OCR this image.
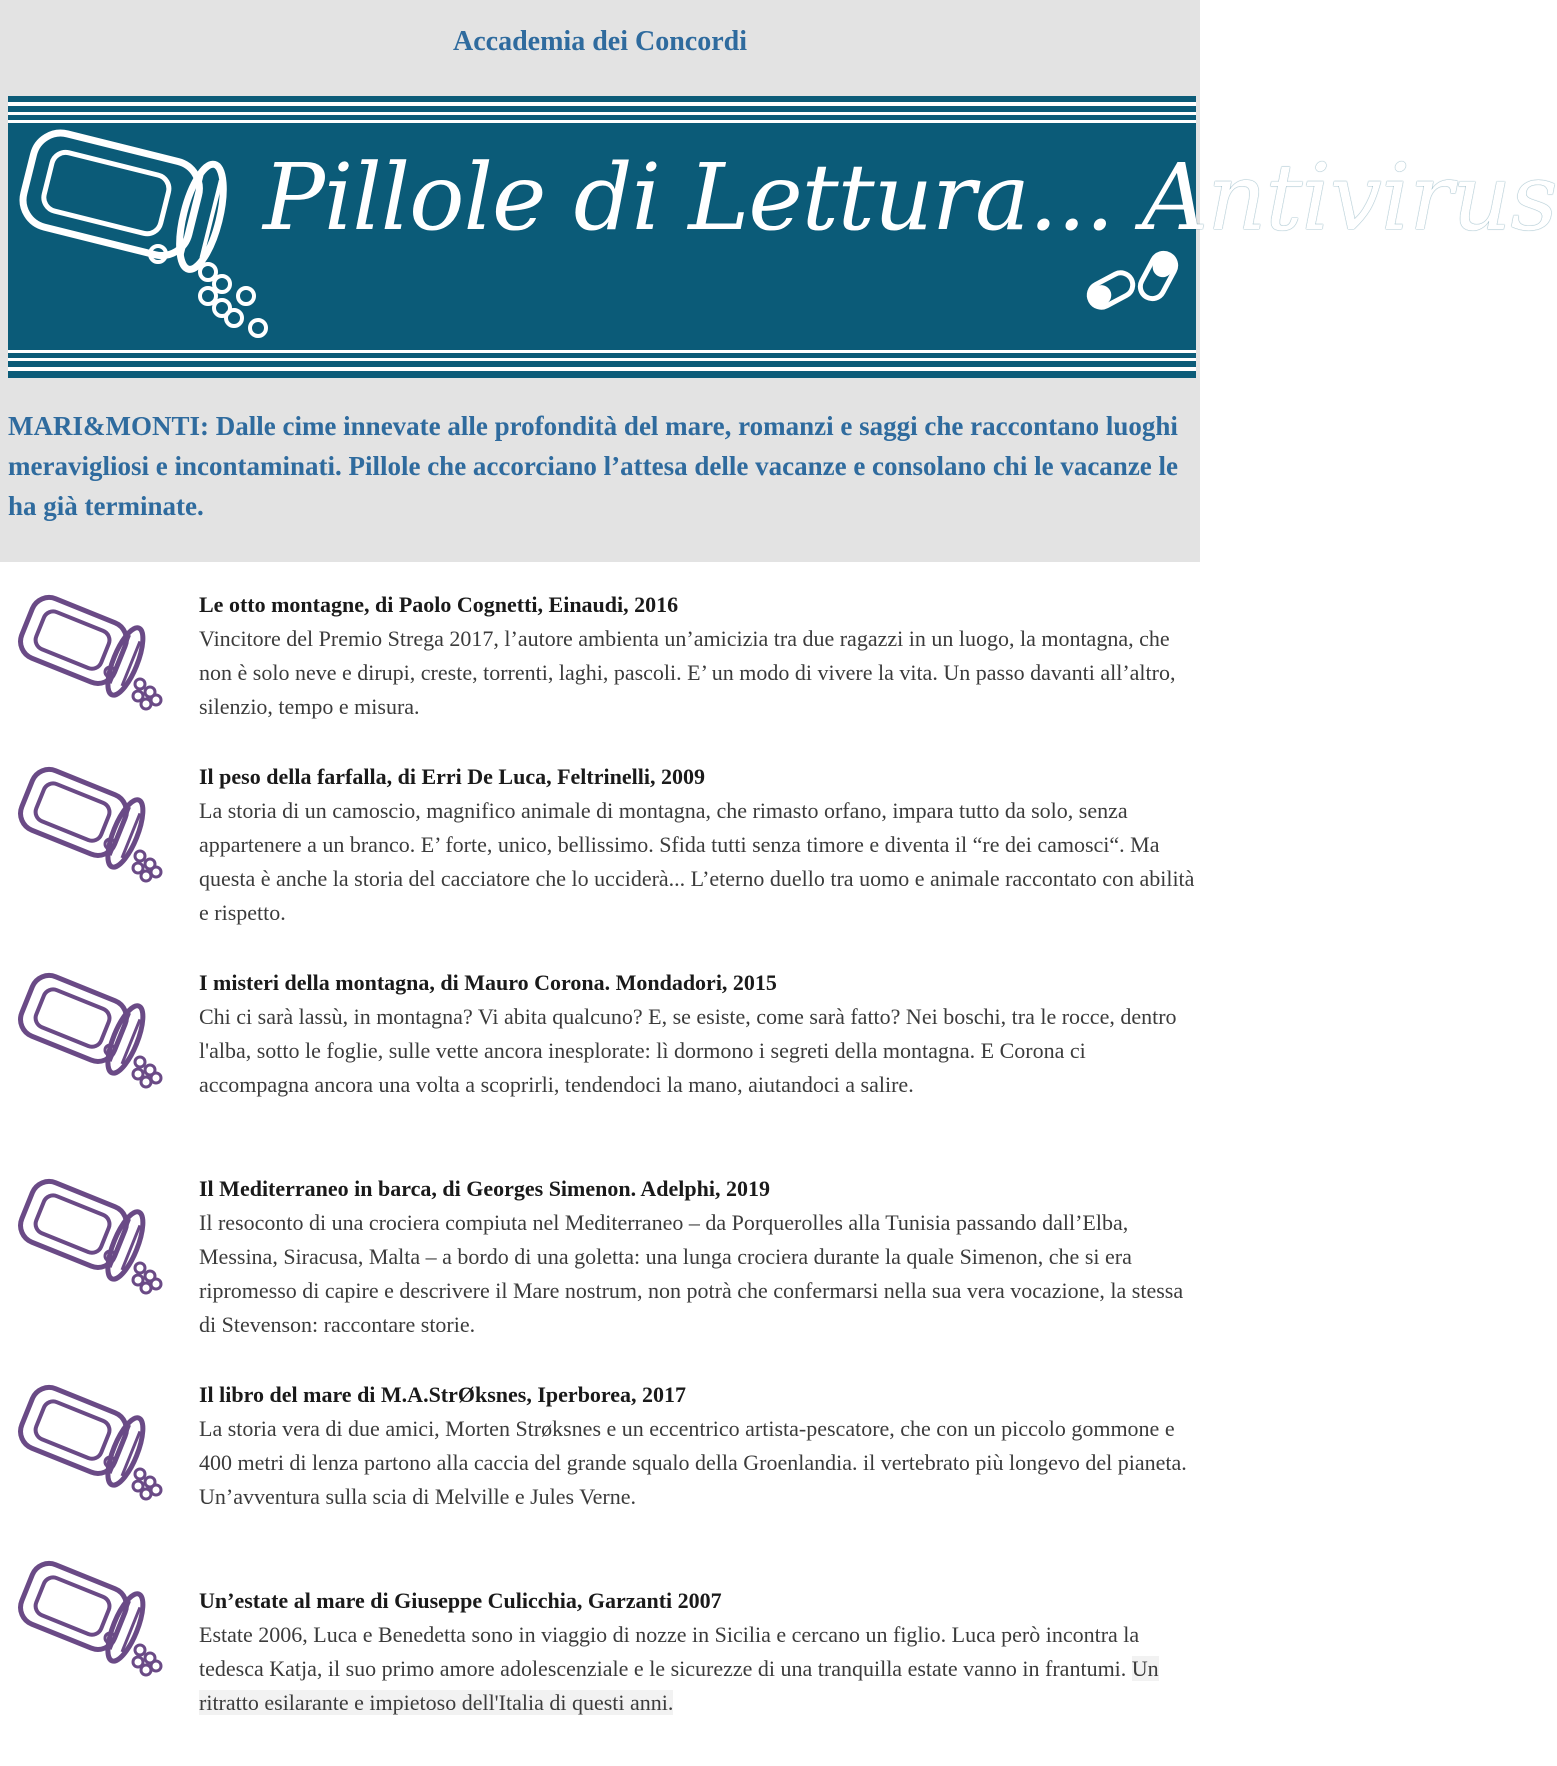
Accademia dei Concordi
Pillole di Lettura... Antivirus
MARI&MONTI: Dalle cime innevate alle profondità del mare, romanzi e saggi che raccontano luoghi meravigliosi e incontaminati. Pillole che accorciano l’attesa delle vacanze e consolano chi le vacanze le ha già terminate.
Le otto montagne, di Paolo Cognetti, Einaudi, 2016
Vincitore del Premio Strega 2017, l’autore ambienta un’amicizia tra due ragazzi in un luogo, la montagna, che non è solo neve e dirupi, creste, torrenti, laghi, pascoli. E’ un modo di vivere la vita. Un passo davanti all’altro, silenzio, tempo e misura.
Il peso della farfalla, di Erri De Luca, Feltrinelli, 2009
La storia di un camoscio, magnifico animale di montagna, che rimasto orfano, impara tutto da solo, senza appartenere a un branco. E’ forte, unico, bellissimo. Sfida tutti senza timore e diventa il “re dei camosci“. Ma questa è anche la storia del cacciatore che lo ucciderà... L’eterno duello tra uomo e animale raccontato con abilità e rispetto.
I misteri della montagna, di Mauro Corona. Mondadori, 2015
Chi ci sarà lassù, in montagna? Vi abita qualcuno? E, se esiste, come sarà fatto? Nei boschi, tra le rocce, dentro l'alba, sotto le foglie, sulle vette ancora inesplorate: lì dormono i segreti della montagna. E Corona ci accompagna ancora una volta a scoprirli, tendendoci la mano, aiutandoci a salire.
Il Mediterraneo in barca, di Georges Simenon. Adelphi, 2019
Il resoconto di una crociera compiuta nel Mediterraneo – da Porquerolles alla Tunisia passando dall’Elba, Messina, Siracusa, Malta – a bordo di una goletta: una lunga crociera durante la quale Simenon, che si era ripromesso di capire e descrivere il Mare nostrum, non potrà che confermarsi nella sua vera vocazione, la stessa di Stevenson: raccontare storie.
Il libro del mare di M.A.StrØksnes, Iperborea, 2017
La storia vera di due amici, Morten Strøksnes e un eccentrico artista-pescatore, che con un piccolo gommone e 400 metri di lenza partono alla caccia del grande squalo della Groenlandia. il vertebrato più longevo del pianeta. Un’avventura sulla scia di Melville e Jules Verne.
Un’estate al mare di Giuseppe Culicchia, Garzanti 2007
Estate 2006, Luca e Benedetta sono in viaggio di nozze in Sicilia e cercano un figlio. Luca però incontra la tedesca Katja, il suo primo amore adolescenziale e le sicurezze di una tranquilla estate vanno in frantumi. Un ritratto esilarante e impietoso dell'Italia di questi anni.
